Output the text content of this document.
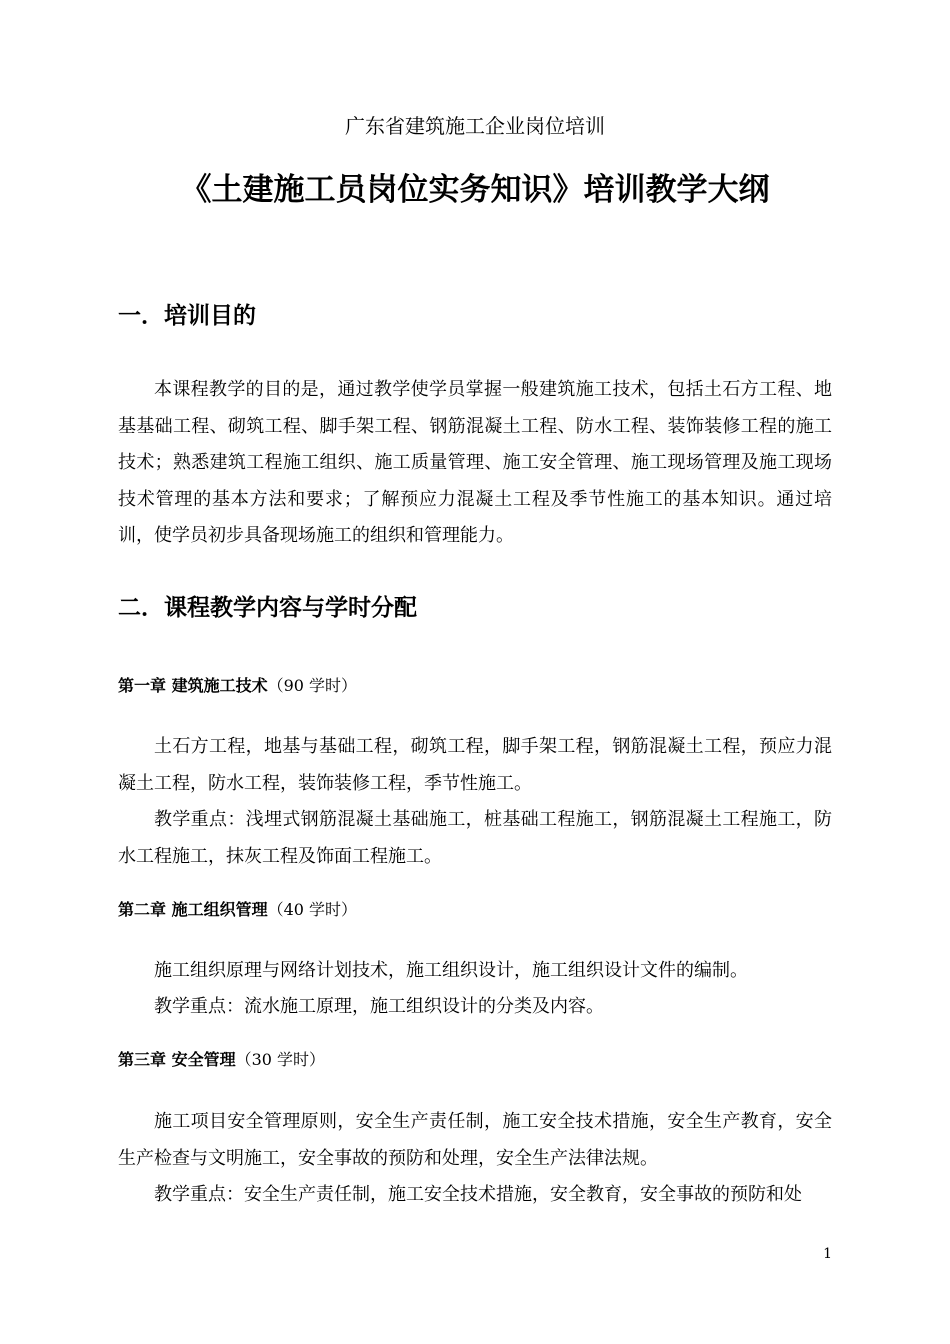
广东省建筑施工企业岗位培训
《土建施工员岗位实务知识》培训教学大纲
一．培训目的
本课程教学的目的是，通过教学使学员掌握一般建筑施工技术，包括土石方工程、地基基础工程、砌筑工程、脚手架工程、钢筋混凝土工程、防水工程、装饰装修工程的施工技术；熟悉建筑工程施工组织、施工质量管理、施工安全管理、施工现场管理及施工现场技术管理的基本方法和要求；了解预应力混凝土工程及季节性施工的基本知识。通过培训，使学员初步具备现场施工的组织和管理能力。
二．课程教学内容与学时分配
第一章 建筑施工技术（90 学时）
土石方工程，地基与基础工程，砌筑工程，脚手架工程，钢筋混凝土工程，预应力混凝土工程，防水工程，装饰装修工程，季节性施工。
教学重点：浅埋式钢筋混凝土基础施工，桩基础工程施工，钢筋混凝土工程施工，防水工程施工，抹灰工程及饰面工程施工。
第二章 施工组织管理（40 学时）
施工组织原理与网络计划技术，施工组织设计，施工组织设计文件的编制。
教学重点：流水施工原理，施工组织设计的分类及内容。
第三章 安全管理（30 学时）
施工项目安全管理原则，安全生产责任制，施工安全技术措施，安全生产教育，安全生产检查与文明施工，安全事故的预防和处理，安全生产法律法规。
教学重点：安全生产责任制，施工安全技术措施，安全教育，安全事故的预防和处
1
